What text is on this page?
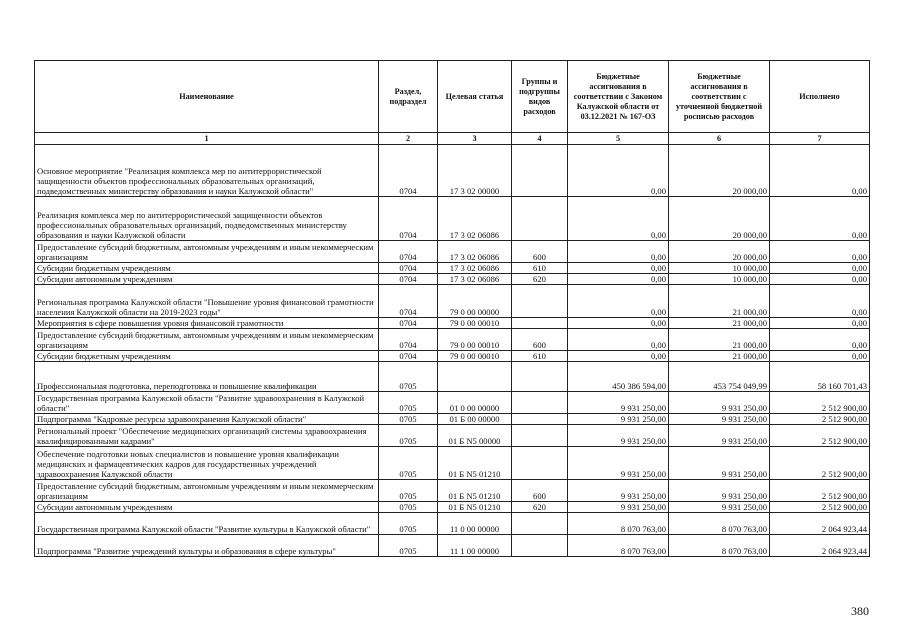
Наименование	Раздел, подраздел	Целевая статья	Группы и подгруппы видов расходов	Бюджетные ассигнования в соответствии с Законом Калужской области от 03.12.2021 № 167-ОЗ	Бюджетные ассигнования в соответствии с уточненной бюджетной росписью расходов	Исполнено
1	2	3	4	5	6	7
Основное мероприятие "Реализация комплекса мер по антитеррористической защищенности объектов профессиональных образовательных организаций, подведомственных министерству образования и науки Калужской области"	0704	17 3 02 00000		0,00	20 000,00	0,00
Реализация комплекса мер по антитеррористической защищенности объектов профессиональных образовательных организаций, подведомственных министерству образования и науки Калужской области	0704	17 3 02 06086		0,00	20 000,00	0,00
Предоставление субсидий бюджетным, автономным учреждениям и иным некоммерческим организациям	0704	17 3 02 06086	600	0,00	20 000,00	0,00
Субсидии бюджетным учреждениям	0704	17 3 02 06086	610	0,00	10 000,00	0,00
Субсидии автономным учреждениям	0704	17 3 02 06086	620	0,00	10 000,00	0,00
Региональная программа Калужской области "Повышение уровня финансовой грамотности населения Калужской области на 2019-2023 годы"	0704	79 0 00 00000		0,00	21 000,00	0,00
Мероприятия в сфере повышения уровня финансовой грамотности	0704	79 0 00 00010		0,00	21 000,00	0,00
Предоставление субсидий бюджетным, автономным учреждениям и иным некоммерческим организациям	0704	79 0 00 00010	600	0,00	21 000,00	0,00
Субсидии бюджетным учреждениям	0704	79 0 00 00010	610	0,00	21 000,00	0,00
Профессиональная подготовка, переподготовка и повышение квалификации	0705			450 386 594,00	453 754 049,99	58 160 701,43
Государственная программа Калужской области "Развитие здравоохранения в Калужской области"	0705	01 0 00 00000		9 931 250,00	9 931 250,00	2 512 900,00
Подпрограмма "Кадровые ресурсы здравоохранения Калужской области"	0705	01 Б 00 00000		9 931 250,00	9 931 250,00	2 512 900,00
Региональный проект "Обеспечение медицинских организаций системы здравоохранения квалифицированными кадрами"	0705	01 Б N5 00000		9 931 250,00	9 931 250,00	2 512 900,00
Обеспечение подготовки новых специалистов и повышение уровня квалификации медицинских и фармацевтических кадров для государственных учреждений здравоохранения Калужской области	0705	01 Б N5 01210		9 931 250,00	9 931 250,00	2 512 900,00
Предоставление субсидий бюджетным, автономным учреждениям и иным некоммерческим организациям	0705	01 Б N5 01210	600	9 931 250,00	9 931 250,00	2 512 900,00
Субсидии автономным учреждениям	0705	01 Б N5 01210	620	9 931 250,00	9 931 250,00	2 512 900,00
Государственная программа Калужской области "Развитие культуры в Калужской области"	0705	11 0 00 00000		8 070 763,00	8 070 763,00	2 064 923,44
Подпрограмма "Развитие учреждений культуры и образования в сфере культуры"	0705	11 1 00 00000		8 070 763,00	8 070 763,00	2 064 923,44
380
